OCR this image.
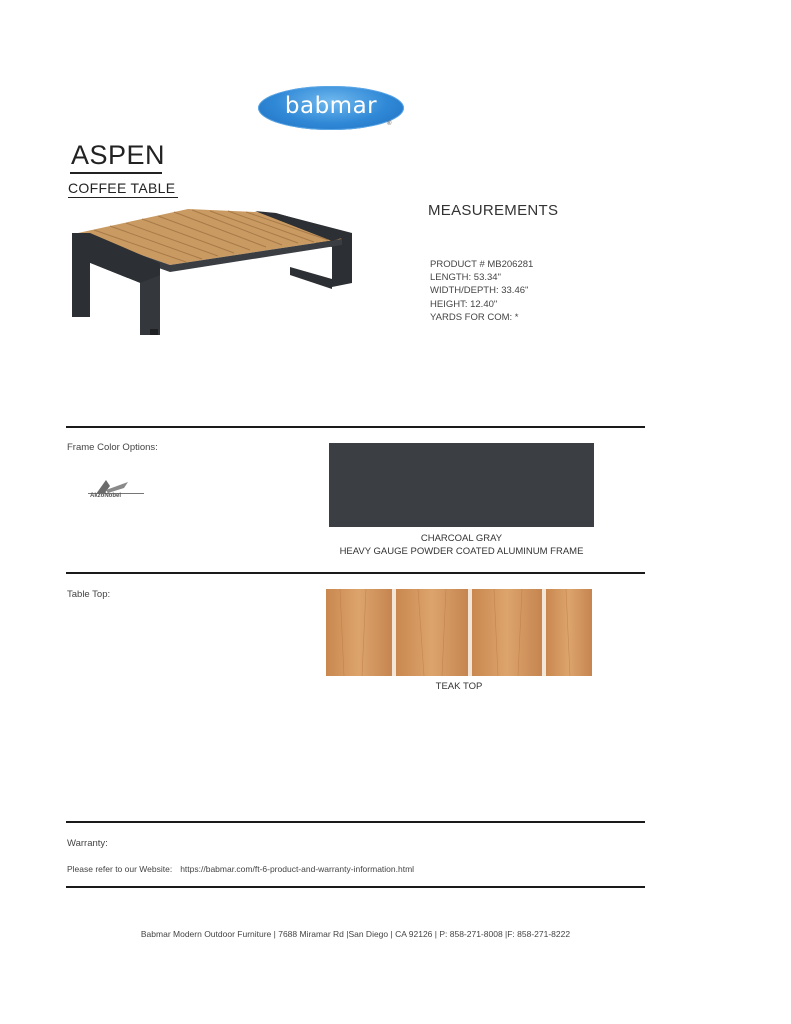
babmar
®
ASPEN
COFFEE TABLE
MEASUREMENTS
PRODUCT # MB206281
LENGTH: 53.34"
WIDTH/DEPTH: 33.46"
HEIGHT: 12.40"
YARDS FOR COM: *
Frame Color Options:
AkzoNobel
CHARCOAL GRAY
HEAVY GAUGE POWDER COATED ALUMINUM FRAME
Table Top:
TEAK TOP
Warranty:
Please refer to our Website: https://babmar.com/ft-6-product-and-warranty-information.html
Babmar Modern Outdoor Furniture | 7688 Miramar Rd |San Diego | CA 92126 | P: 858-271-8008 |F: 858-271-8222
